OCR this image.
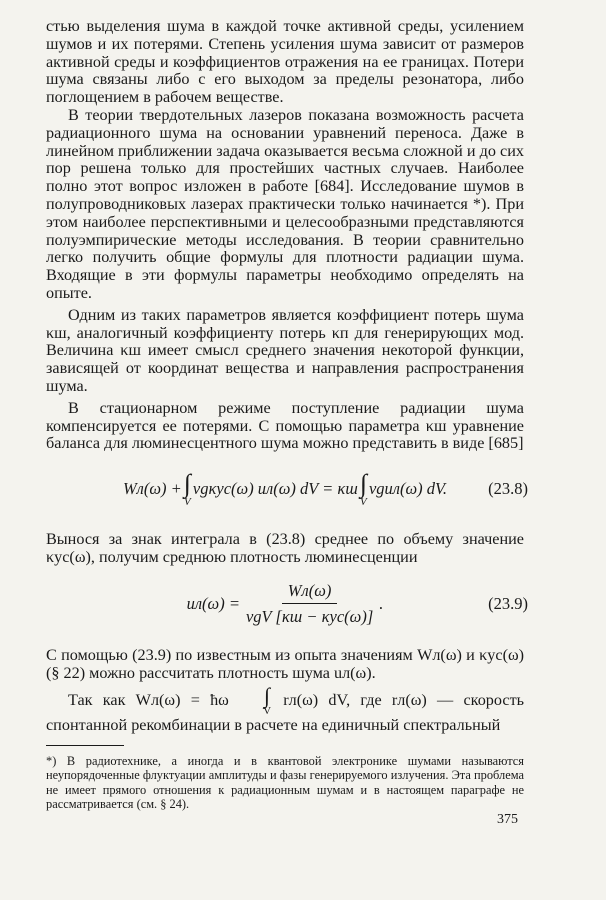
стью выделения шума в каждой точке активной среды, усилением шумов и их потерями. Степень усиления шума зависит от размеров активной среды и коэффициентов отражения на ее границах. Потери шума связаны либо с его выходом за пределы резонатора, либо поглощением в рабочем веществе.

В теории твердотельных лазеров показана возможность расчета радиационного шума на основании уравнений переноса. Даже в линейном приближении задача оказывается весьма сложной и до сих пор решена только для простейших частных случаев. Наиболее полно этот вопрос изложен в работе [684]. Исследование шумов в полупроводниковых лазерах практически только начинается *). При этом наиболее перспективными и целесообразными представляются полуэмпирические методы исследования. В теории сравнительно легко получить общие формулы для плотности радиации шума. Входящие в эти формулы параметры необходимо определять на опыте.

Одним из таких параметров является коэффициент потерь шума κш, аналогичный коэффициенту потерь κп для генерирующих мод. Величина κш имеет смысл среднего значения некоторой функции, зависящей от координат вещества и направления распространения шума.

В стационарном режиме поступление радиации шума компенсируется ее потерями. С помощью параметра κш уравнение баланса для люминесцентного шума можно представить в виде [685]

Wл(ω) + ∫
V
vgκус(ω) uл(ω) dV = κш ∫
V
vguл(ω) dV. (23.8)

Вынося за знак интеграла в (23.8) среднее по объему значение κус(ω), получим среднюю плотность люминесценции

$uл(\omega) = \frac{Wл(\omega)}{\text{vgV [κш − κус(ω)]}}$ .	(23.9)

С помощью (23.9) по известным из опыта значениям Wл(ω) и κус(ω) (§ 22) можно рассчитать плотность шума uл(ω).

Так как Wл(ω) = ħω	∫
V
rл(ω) dV, где rл(ω) — скорость спонтанной рекомбинации в расчете на единичный спектральный

*) В радиотехнике, а иногда и в квантовой электронике шумами называются неупорядоченные флуктуации амплитуды и фазы генерируемого излучения. Эта проблема не имеет прямого отношения к радиационным шумам и в настоящем параграфе не рассматривается (см. § 24).

375
